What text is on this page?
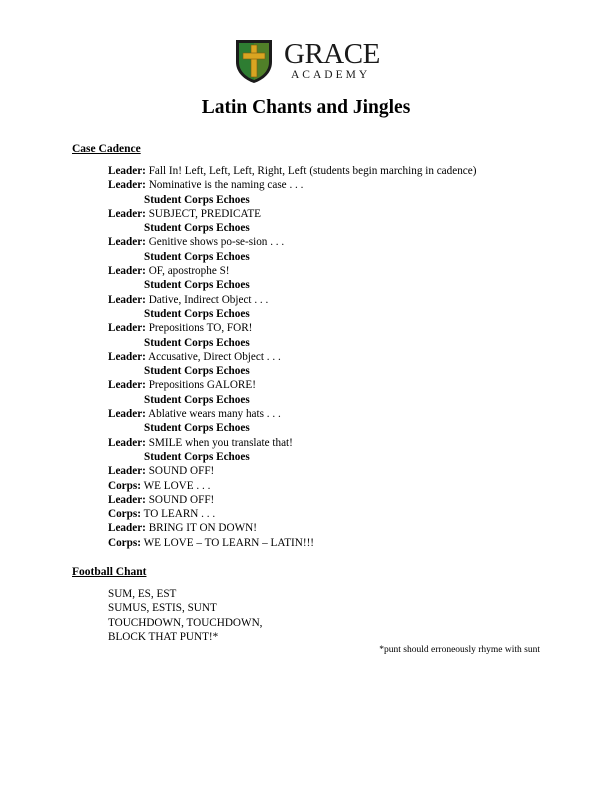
GRACE
ACADEMY
Latin Chants and Jingles
Case Cadence
Leader: Fall In! Left, Left, Left, Right, Left (students begin marching in cadence)
Leader: Nominative is the naming case . . .
Student Corps Echoes
Leader: SUBJECT, PREDICATE
Student Corps Echoes
Leader: Genitive shows po-se-sion . . .
Student Corps Echoes
Leader: OF, apostrophe S!
Student Corps Echoes
Leader: Dative, Indirect Object . . .
Student Corps Echoes
Leader: Prepositions TO, FOR!
Student Corps Echoes
Leader: Accusative, Direct Object . . .
Student Corps Echoes
Leader: Prepositions GALORE!
Student Corps Echoes
Leader: Ablative wears many hats . . .
Student Corps Echoes
Leader: SMILE when you translate that!
Student Corps Echoes
Leader: SOUND OFF!
Corps: WE LOVE . . .
Leader: SOUND OFF!
Corps: TO LEARN . . .
Leader: BRING IT ON DOWN!
Corps: WE LOVE – TO LEARN – LATIN!!!
Football Chant
SUM, ES, EST
SUMUS, ESTIS, SUNT
TOUCHDOWN, TOUCHDOWN,
BLOCK THAT PUNT!*
*punt should erroneously rhyme with sunt
